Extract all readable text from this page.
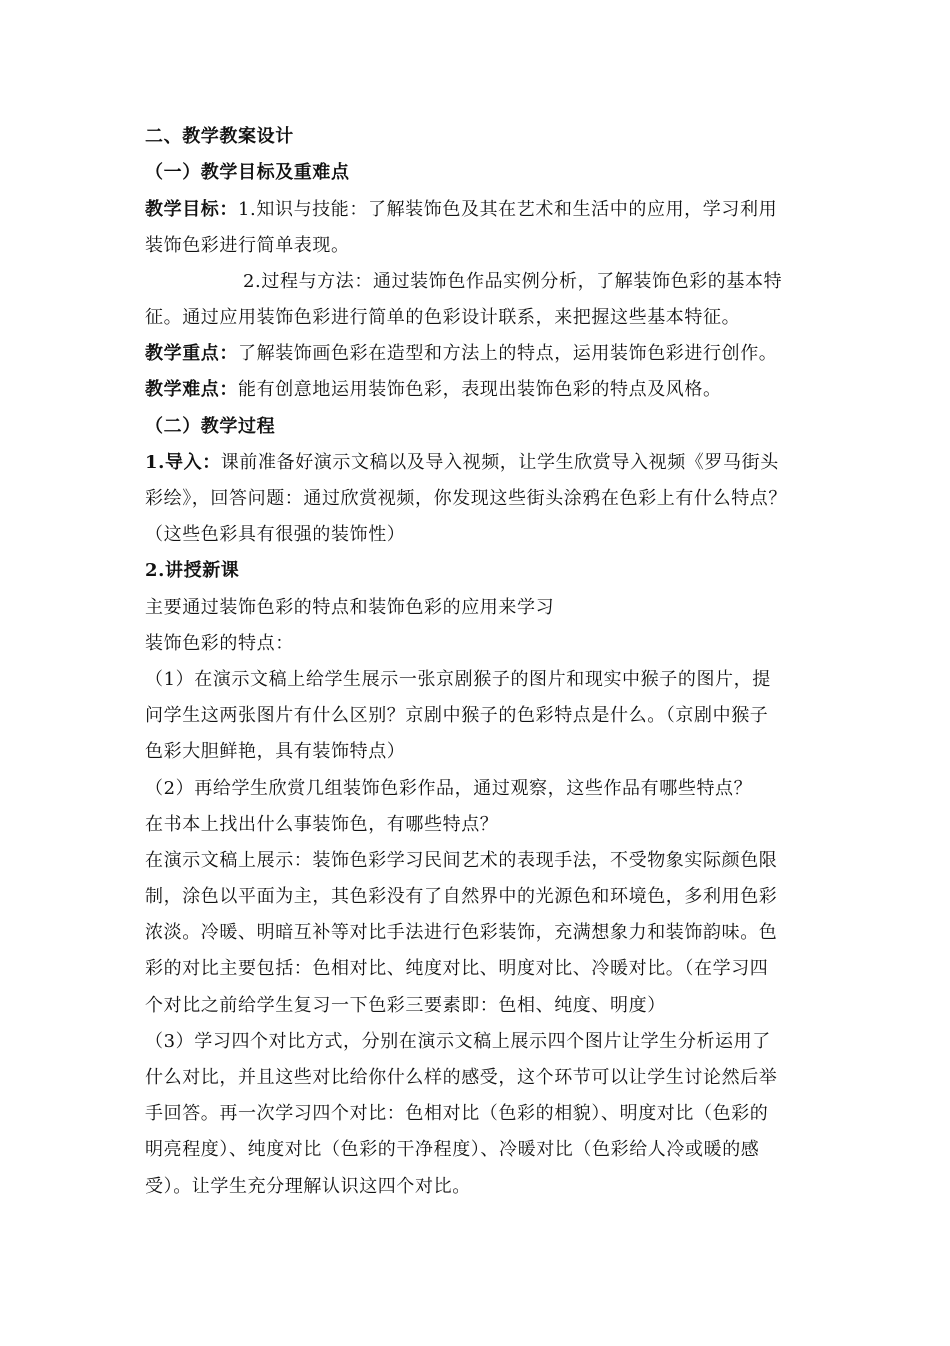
二、教学教案设计
（一）教学目标及重难点
教学目标：1.知识与技能：了解装饰色及其在艺术和生活中的应用，学习利用
装饰色彩进行简单表现。
2.过程与方法：通过装饰色作品实例分析，了解装饰色彩的基本特
征。通过应用装饰色彩进行简单的色彩设计联系，来把握这些基本特征。
教学重点：了解装饰画色彩在造型和方法上的特点，运用装饰色彩进行创作。
教学难点：能有创意地运用装饰色彩，表现出装饰色彩的特点及风格。
（二）教学过程
1.导入：课前准备好演示文稿以及导入视频，让学生欣赏导入视频《罗马街头
彩绘》，回答问题：通过欣赏视频，你发现这些街头涂鸦在色彩上有什么特点？
（这些色彩具有很强的装饰性）
2.讲授新课
主要通过装饰色彩的特点和装饰色彩的应用来学习
装饰色彩的特点：
（1）在演示文稿上给学生展示一张京剧猴子的图片和现实中猴子的图片，提
问学生这两张图片有什么区别？京剧中猴子的色彩特点是什么。（京剧中猴子
色彩大胆鲜艳，具有装饰特点）
（2）再给学生欣赏几组装饰色彩作品，通过观察，这些作品有哪些特点？
在书本上找出什么事装饰色，有哪些特点？
在演示文稿上展示：装饰色彩学习民间艺术的表现手法，不受物象实际颜色限
制，涂色以平面为主，其色彩没有了自然界中的光源色和环境色，多利用色彩
浓淡。冷暖、明暗互补等对比手法进行色彩装饰，充满想象力和装饰韵味。色
彩的对比主要包括：色相对比、纯度对比、明度对比、冷暖对比。（在学习四
个对比之前给学生复习一下色彩三要素即：色相、纯度、明度）
（3）学习四个对比方式，分别在演示文稿上展示四个图片让学生分析运用了
什么对比，并且这些对比给你什么样的感受，这个环节可以让学生讨论然后举
手回答。再一次学习四个对比：色相对比（色彩的相貌）、明度对比（色彩的
明亮程度）、纯度对比（色彩的干净程度）、冷暖对比（色彩给人冷或暖的感
受）。让学生充分理解认识这四个对比。
